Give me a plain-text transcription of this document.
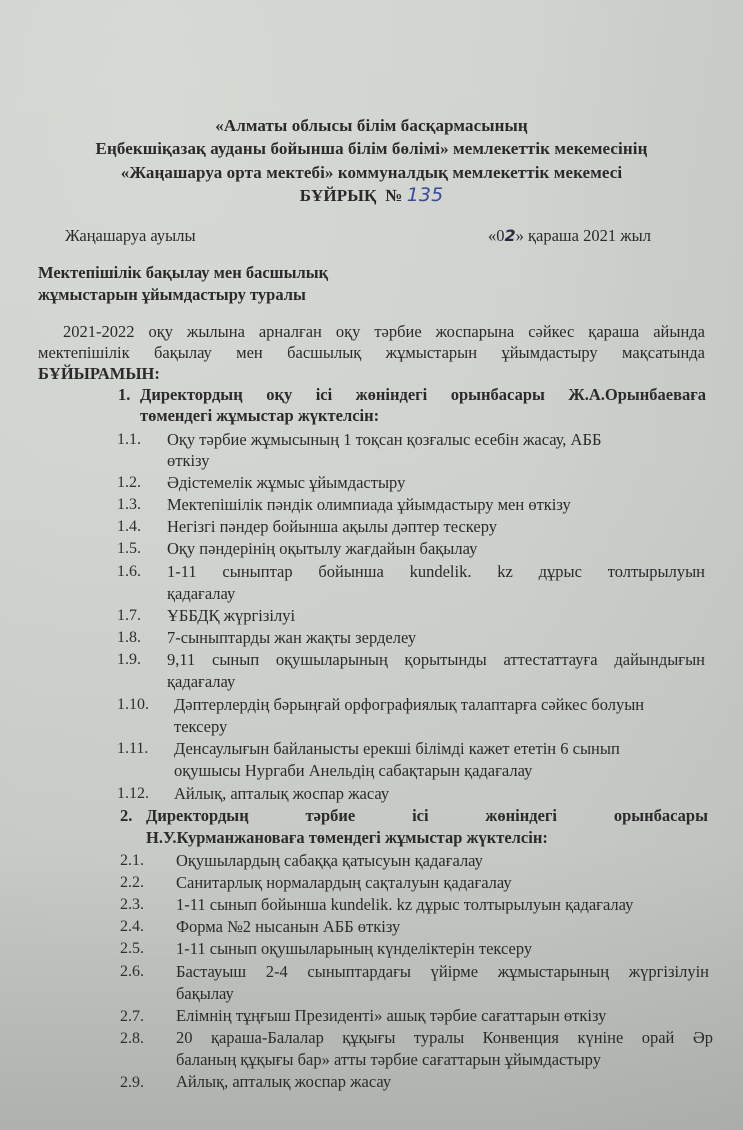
«Алматы облысы білім басқармасының
Еңбекшіқазақ ауданы бойынша білім бөлімі» мемлекеттік мекемесінің
«Жаңашаруа орта мектебі» коммуналдық мемлекеттік мекемесі
БҰЙРЫҚ  № 135
Жаңашаруа ауылы	«02» қараша 2021 жыл
Мектепішілік бақылау мен басшылық
жұмыстарын ұйымдастыру туралы
2021-2022 оқу жылына арналған оқу тәрбие жоспарына сәйкес қараша айында
мектепішілік бақылау мен басшылық жұмыстарын ұйымдастыру мақсатында
БҰЙЫРАМЫН:
1. Директордың оқу ісі жөніндегі орынбасары Ж.А.Орынбаеваға
төмендегі жұмыстар жүктелсін:
1.1. Оқу тәрбие жұмысының 1 тоқсан қозғалыс есебін жасау, АББ
өткізу
1.2. Әдістемелік жұмыс ұйымдастыру
1.3. Мектепішілік пәндік олимпиада ұйымдастыру мен өткізу
1.4. Негізгі пәндер бойынша ақылы дәптер тескеру
1.5. Оқу пәндерінің оқытылу жағдайын бақылау
1.6. 1-11 сыныптар бойынша kundelik. kz дұрыс толтырылуын
қадағалау
1.7. ҰББДҚ жүргізілуі
1.8. 7-сыныптарды жан жақты зерделеу
1.9. 9,11 сынып оқушыларының қорытынды аттестаттауға дайындығын
қадағалау
1.10. Дәптерлердің бәрыңғай орфографиялық талаптарға сәйкес болуын
тексеру
1.11. Денсаулығын байланысты ерекші білімді кажет ететін 6 сынып
оқушысы Нургаби Анельдің сабақтарын қадағалау
1.12. Айлық, апталық жоспар жасау
2. Директордың тәрбие ісі жөніндегі орынбасары
Н.У.Курманжановаға төмендегі жұмыстар жүктелсін:
2.1. Оқушылардың сабаққа қатысуын қадағалау
2.2. Санитарлық нормалардың сақталуын қадағалау
2.3. 1-11 сынып бойынша kundelik. kz дұрыс толтырылуын қадағалау
2.4. Форма №2 нысанын АББ өткізу
2.5. 1-11 сынып оқушыларының күнделіктерін тексеру
2.6. Бастауыш 2-4 сыныптардағы үйірме жұмыстарының жүргізілуін
бақылау
2.7. Елімнің тұңғыш Президенті» ашық тәрбие сағаттарын өткізу
2.8. 20 қараша-Балалар құқығы туралы Конвенция күніне орай Әр
баланың құқығы бар» атты тәрбие сағаттарын ұйымдастыру
2.9. Айлық, апталық жоспар жасау
